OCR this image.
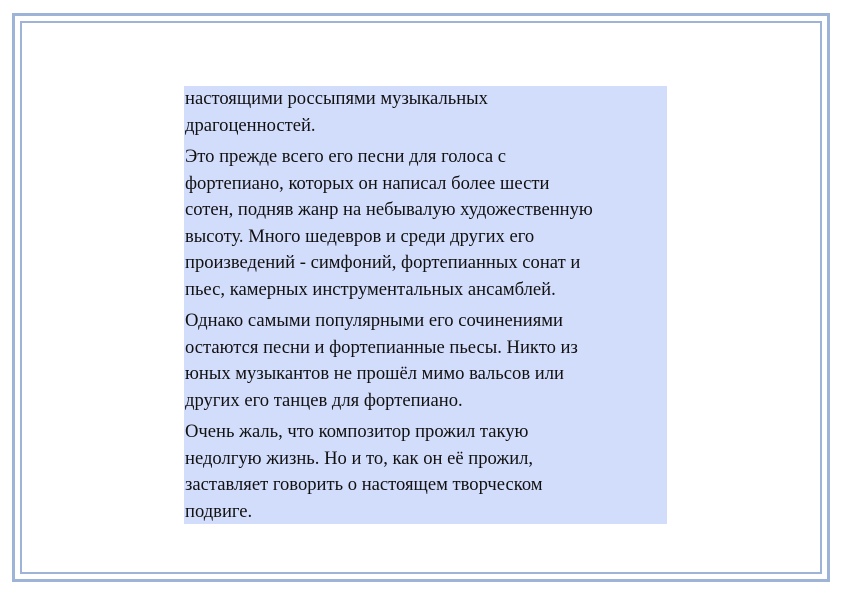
настоящими россыпями музыкальных
драгоценностей.

Это прежде всего его песни для голоса с
фортепиано, которых он написал более шести
сотен, подняв жанр на небывалую художественную
высоту. Много шедевров и среди других его
произведений - симфоний, фортепианных сонат и
пьес, камерных инструментальных ансамблей.

Однако самыми популярными его сочинениями
остаются песни и фортепианные пьесы. Никто из
юных музыкантов не прошёл мимо вальсов или
других его танцев для фортепиано.

Очень жаль, что композитор прожил такую
недолгую жизнь. Но и то, как он её прожил,
заставляет говорить о настоящем творческом
подвиге.
